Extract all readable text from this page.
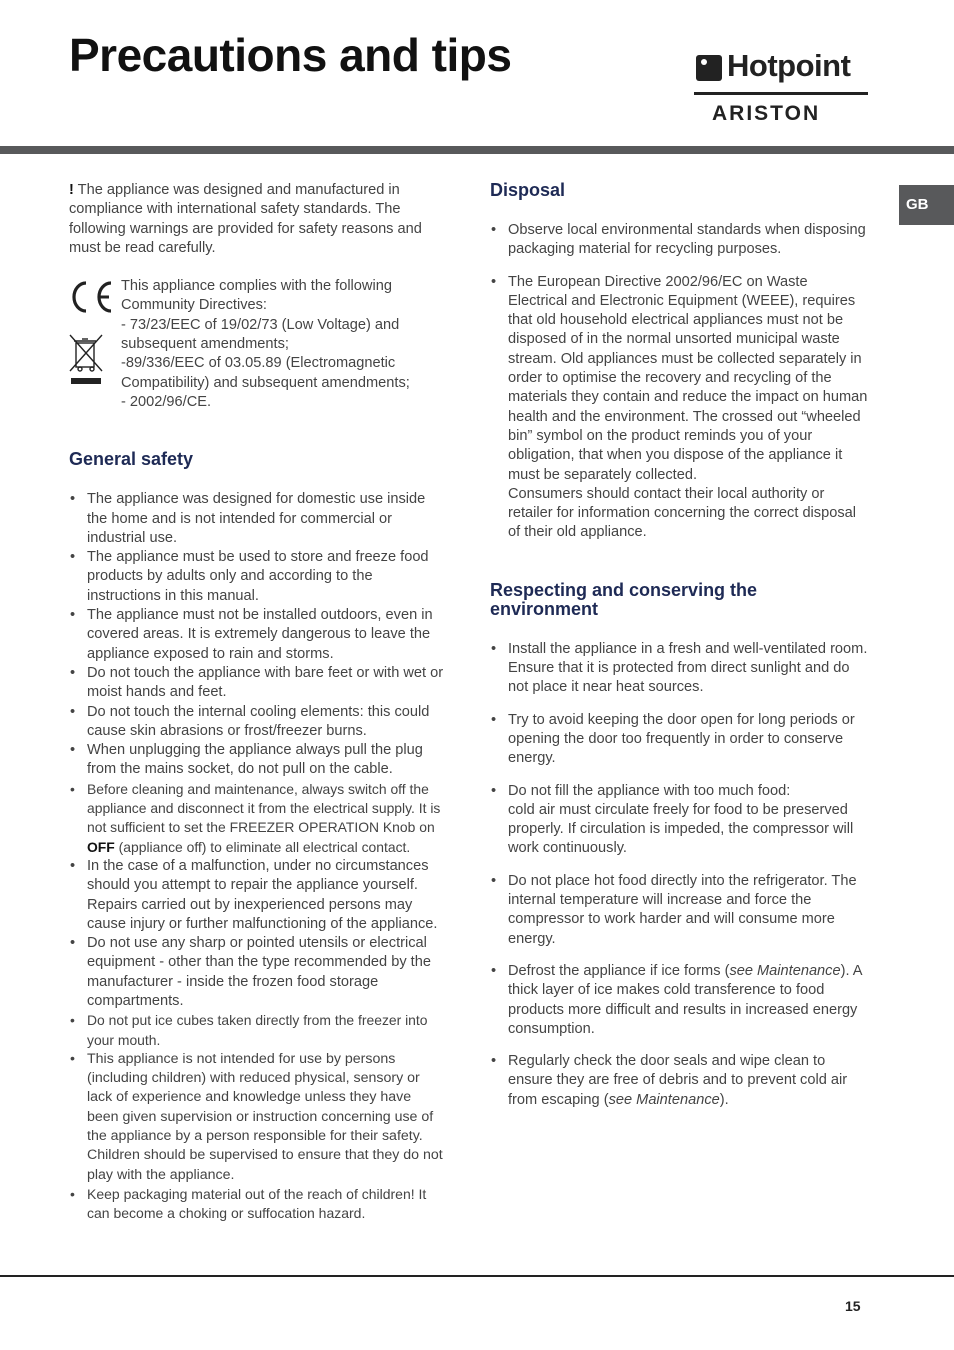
Precautions and tips	Hotpoint
ARISTON
GB

! The appliance was designed and manufactured in compliance with international safety standards. The following warnings are provided for safety reasons and must be read carefully.

This appliance complies with the following Community Directives:
- 73/23/EEC of 19/02/73 (Low Voltage) and subsequent amendments;
-89/336/EEC of 03.05.89 (Electromagnetic Compatibility) and subsequent amendments;
- 2002/96/CE.
General safety
• The appliance was designed for domestic use inside the home and is not intended for commercial or industrial use.
• The appliance must be used to store and freeze food products by adults only and according to the instructions in this manual.
• The appliance must not be installed outdoors, even in covered areas. It is extremely dangerous to leave the appliance exposed to rain and storms.
• Do not touch the appliance with bare feet or with wet or moist hands and feet.
• Do not touch the internal cooling elements: this could cause skin abrasions or frost/freezer burns.
• When unplugging the appliance always pull the plug from the mains socket, do not pull on the cable.
• Before cleaning and maintenance, always switch off the appliance and disconnect it from the electrical supply. It is not sufficient to set the FREEZER OPERATION Knob on OFF (appliance off) to eliminate all electrical contact.
• In the case of a malfunction, under no circumstances should you attempt to repair the appliance yourself. Repairs carried out by inexperienced persons may cause injury or further malfunctioning of the appliance.
• Do not use any sharp or pointed utensils or electrical equipment - other than the type recommended by the manufacturer - inside the frozen food storage compartments.
• Do not put ice cubes taken directly from the freezer into your mouth.
• This appliance is not intended for use by persons (including children) with reduced physical, sensory or lack of experience and knowledge unless they have been given supervision or instruction concerning use of the appliance by a person responsible for their safety. Children should be supervised to ensure that they do not play with the appliance.
• Keep packaging material out of the reach of children! It can become a choking or suffocation hazard.
Disposal
• Observe local environmental standards when disposing packaging material for recycling purposes.
• The European Directive 2002/96/EC on Waste Electrical and Electronic Equipment (WEEE), requires that old household electrical appliances must not be disposed of in the normal unsorted municipal waste stream. Old appliances must be collected separately in order to optimise the recovery and recycling of the materials they contain and reduce the impact on human health and the environment. The crossed out “wheeled bin” symbol on the product reminds you of your obligation, that when you dispose of the appliance it must be separately collected.
Consumers should contact their local authority or retailer for information concerning the correct disposal of their old appliance.
Respecting and conserving the environment
• Install the appliance in a fresh and well-ventilated room. Ensure that it is protected from direct sunlight and do not place it near heat sources.
• Try to avoid keeping the door open for long periods or opening the door too frequently in order to conserve energy.
• Do not fill the appliance with too much food:
cold air must circulate freely for food to be preserved properly. If circulation is impeded, the compressor will work continuously.
• Do not place hot food directly into the refrigerator. The internal temperature will increase and force the compressor to work harder and will consume more energy.
• Defrost the appliance if ice forms (see Maintenance). A thick layer of ice makes cold transference to food products more difficult and results in increased energy consumption.
• Regularly check the door seals and wipe clean to ensure they are free of debris and to prevent cold air from escaping (see Maintenance).
15
